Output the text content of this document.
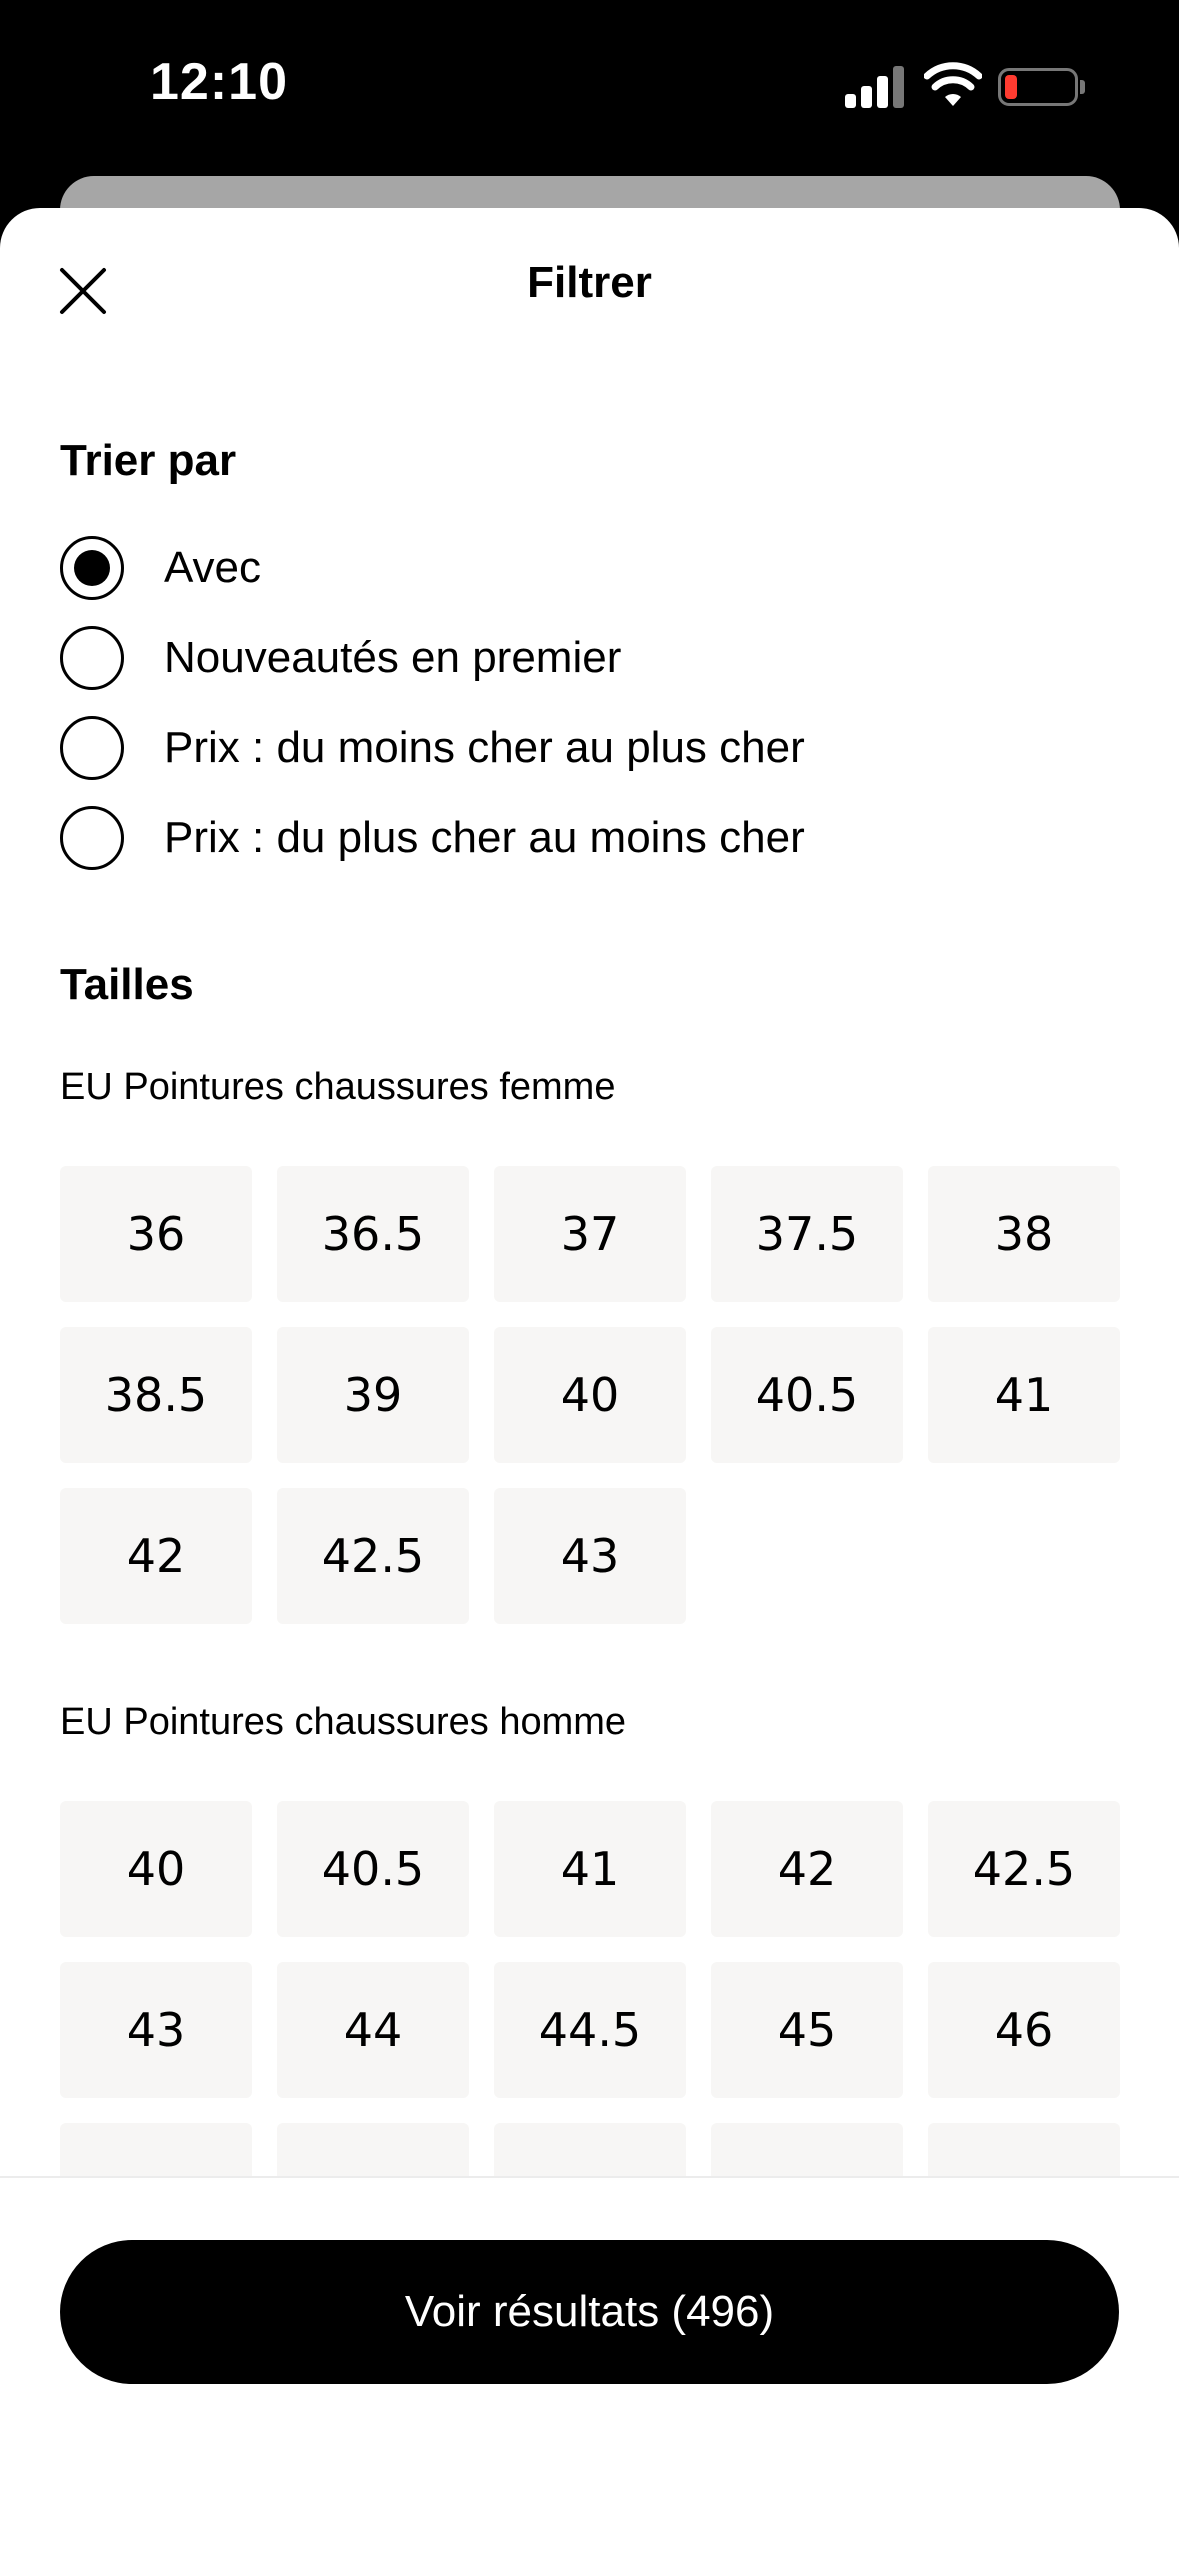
12:10
Filtrer
Trier par
Avec
Nouveautés en premier
Prix : du moins cher au plus cher
Prix : du plus cher au moins cher
Tailles
EU Pointures chaussures femme
36	36.5	37	37.5	38
38.5	39	40	40.5	41
42	42.5	43
EU Pointures chaussures homme
40	40.5	41	42	42.5
43	44	44.5	45	46
Voir résultats (496)
